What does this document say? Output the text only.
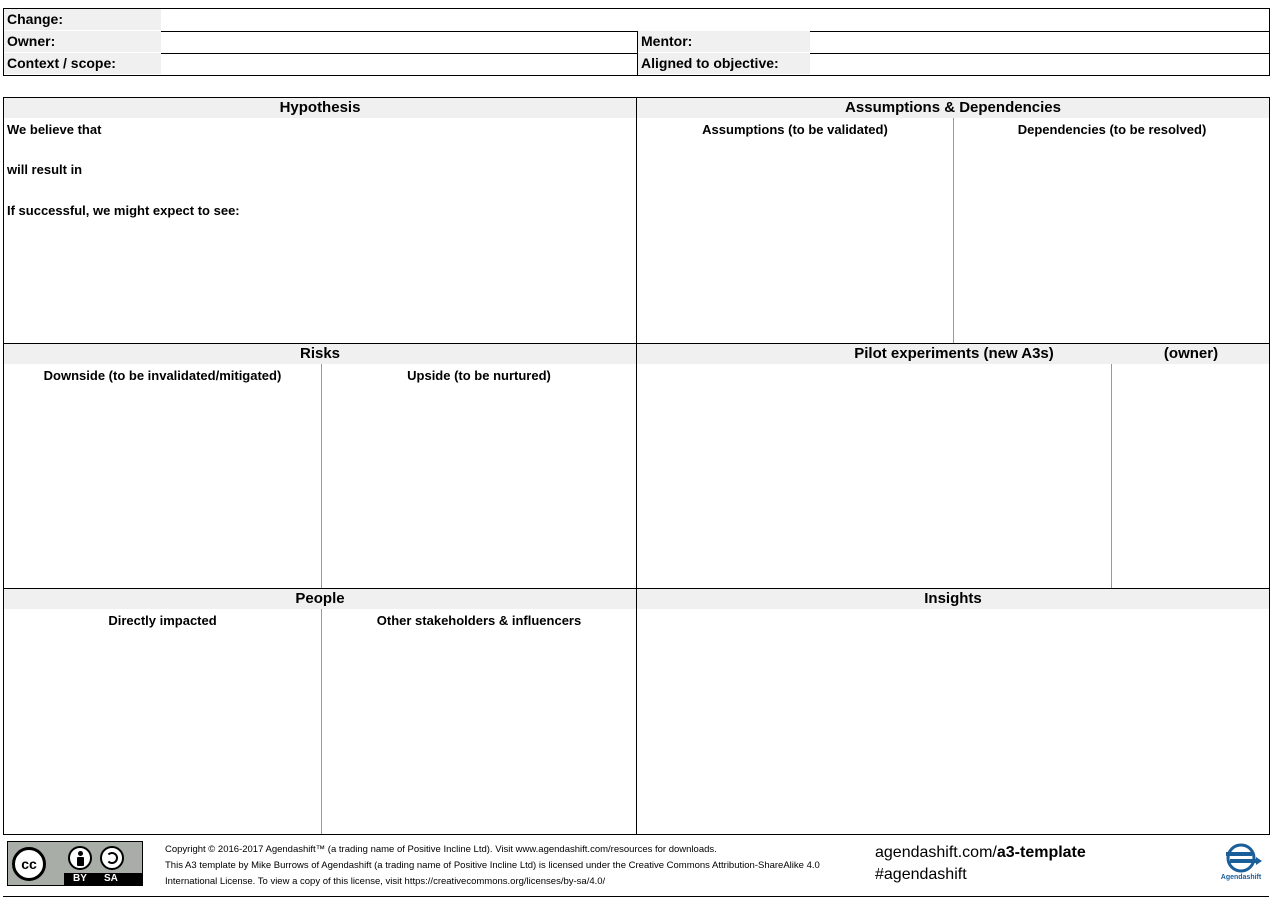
Change:
Owner:	Mentor:
Context / scope:	Aligned to objective:
Hypothesis
We believe that
will result in
If successful, we might expect to see:
Assumptions & Dependencies
Assumptions (to be validated)	Dependencies (to be resolved)
Risks
Downside (to be invalidated/mitigated)	Upside (to be nurtured)
Pilot experiments (new A3s)	(owner)
People
Directly impacted	Other stakeholders & influencers
Insights
cc
BY SA
Copyright © 2016-2017 Agendashift™ (a trading name of Positive Incline Ltd). Visit www.agendashift.com/resources for downloads.
This A3 template by Mike Burrows of Agendashift (a trading name of Positive Incline Ltd) is licensed under the Creative Commons Attribution-ShareAlike 4.0
International License. To view a copy of this license, visit https://creativecommons.org/licenses/by-sa/4.0/
agendashift.com/a3-template
#agendashift	Agendashift
